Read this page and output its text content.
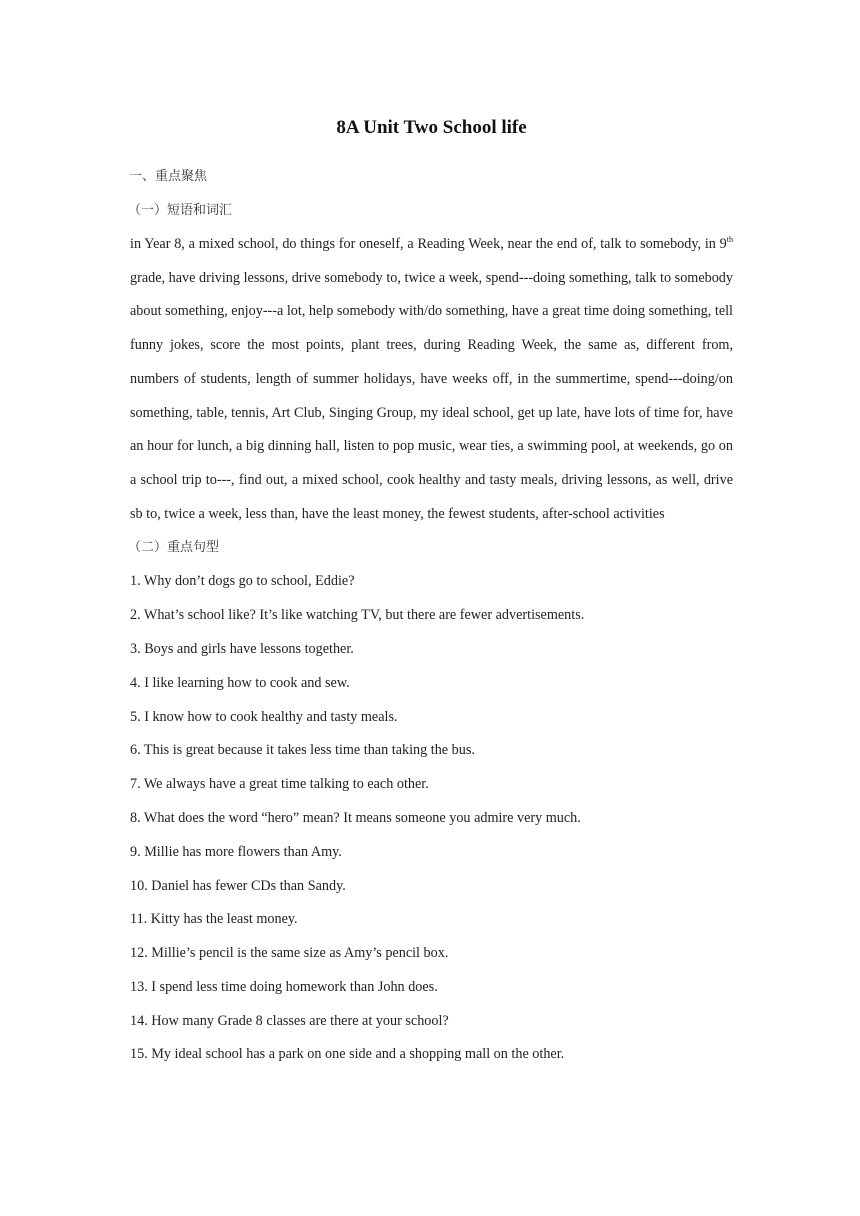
8A Unit Two School life

一、重点聚焦

（一）短语和词汇

in Year 8, a mixed school, do things for oneself, a Reading Week, near the end of, talk to somebody, in 9th grade, have driving lessons, drive somebody to, twice a week, spend---doing something, talk to somebody about something, enjoy---a lot, help somebody with/do something, have a great time doing something, tell funny jokes, score the most points, plant trees, during Reading Week, the same as, different from, numbers of students, length of summer holidays, have weeks off, in the summertime, spend---doing/on something, table, tennis, Art Club, Singing Group, my ideal school, get up late, have lots of time for, have an hour for lunch, a big dinning hall, listen to pop music, wear ties, a swimming pool, at weekends, go on a school trip to---, find out, a mixed school, cook healthy and tasty meals, driving lessons, as well, drive sb to, twice a week, less than, have the least money, the fewest students, after-school activities

（二）重点句型

1. Why don’t dogs go to school, Eddie?
2. What’s school like? It’s like watching TV, but there are fewer advertisements.
3. Boys and girls have lessons together.
4. I like learning how to cook and sew.
5. I know how to cook healthy and tasty meals.
6. This is great because it takes less time than taking the bus.
7. We always have a great time talking to each other.
8. What does the word “hero” mean? It means someone you admire very much.
9. Millie has more flowers than Amy.
10. Daniel has fewer CDs than Sandy.
11. Kitty has the least money.
12. Millie’s pencil is the same size as Amy’s pencil box.
13. I spend less time doing homework than John does.
14. How many Grade 8 classes are there at your school?
15. My ideal school has a park on one side and a shopping mall on the other.
